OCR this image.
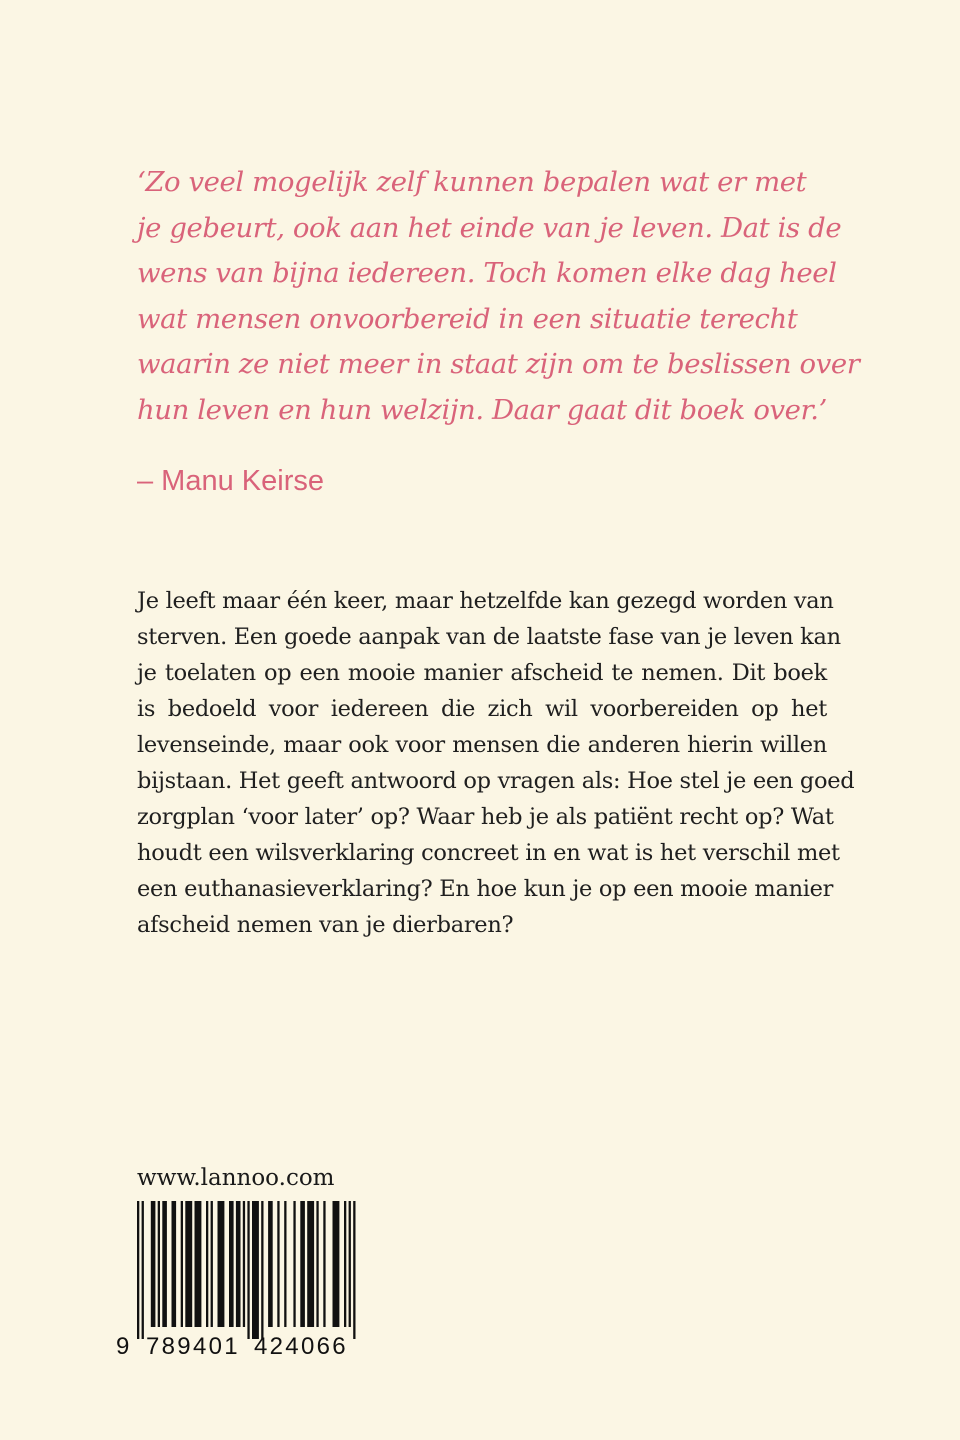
‘Zo veel mogelijk zelf kunnen bepalen wat er met
je gebeurt, ook aan het einde van je leven. Dat is de
wens van bijna iedereen. Toch komen elke dag heel
wat mensen onvoorbereid in een situatie terecht
waarin ze niet meer in staat zijn om te beslissen over
hun leven en hun welzijn. Daar gaat dit boek over.’

– Manu Keirse

Je leeft maar één keer, maar hetzelfde kan gezegd worden van
sterven. Een goede aanpak van de laatste fase van je leven kan
je toelaten op een mooie manier afscheid te nemen. Dit boek
is bedoeld voor iedereen die zich wil voorbereiden op het
levenseinde, maar ook voor mensen die anderen hierin willen
bijstaan. Het geeft antwoord op vragen als: Hoe stel je een goed
zorgplan ‘voor later’ op? Waar heb je als patiënt recht op? Wat
houdt een wilsverklaring concreet in en wat is het verschil met
een euthanasieverklaring? En hoe kun je op een mooie manier
afscheid nemen van je dierbaren?

www.lannoo.com
9 789401 424066
